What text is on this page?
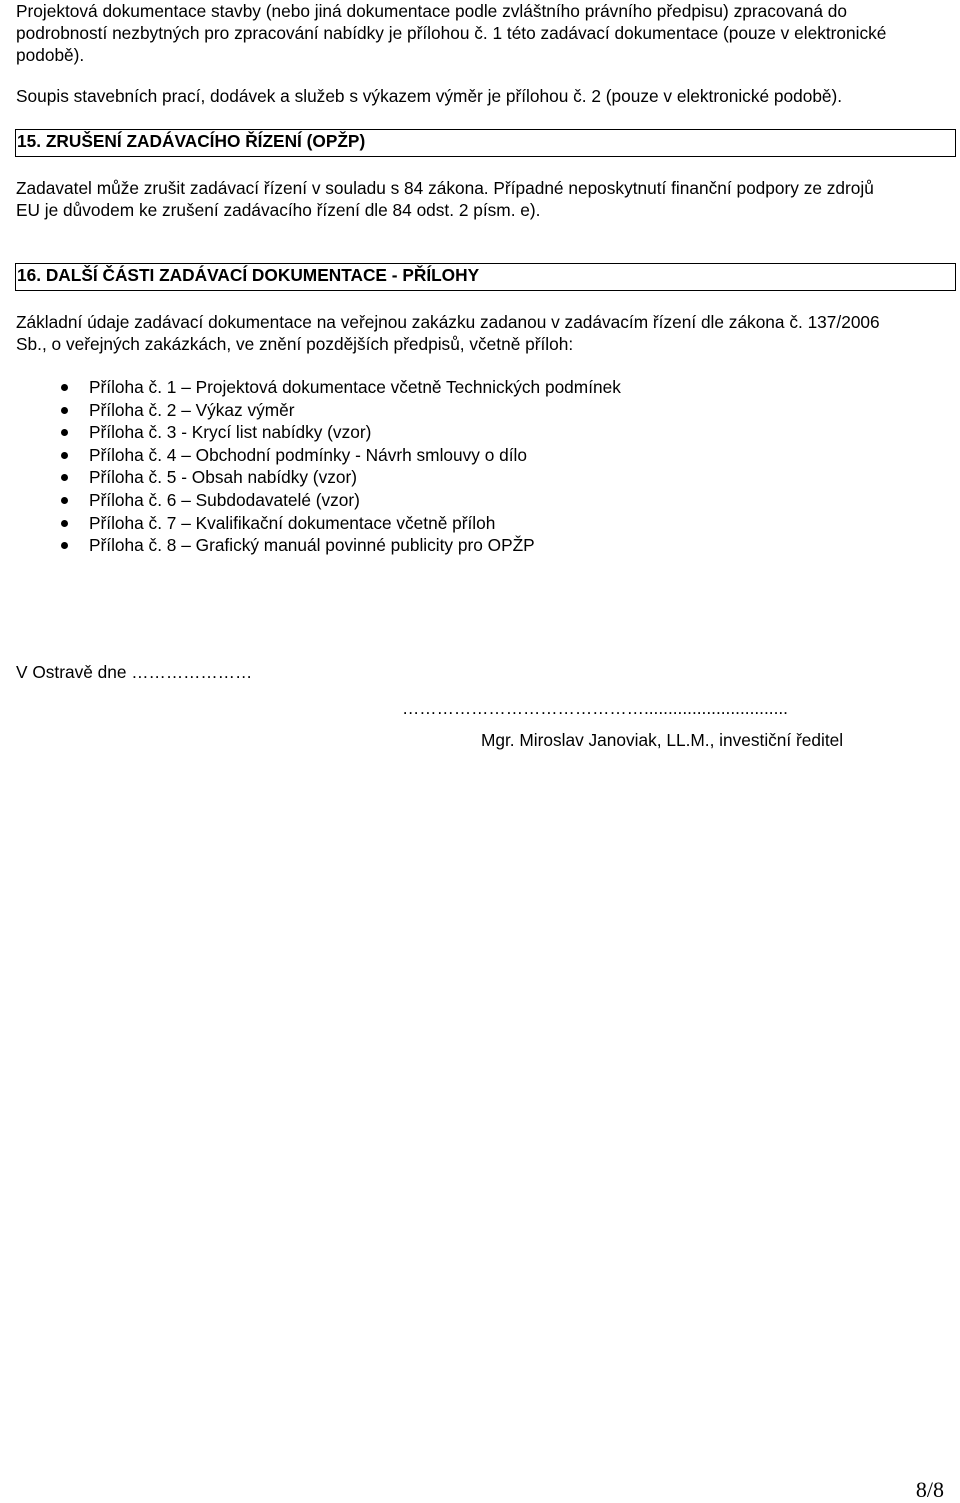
Projektová dokumentace stavby (nebo jiná dokumentace podle zvláštního právního předpisu) zpracovaná do
podrobností nezbytných pro zpracování nabídky je přílohou č. 1 této zadávací dokumentace (pouze v elektronické
podobě).
Soupis stavebních prací, dodávek a služeb s výkazem výměr je přílohou č. 2 (pouze v elektronické podobě).
15. ZRUŠENÍ ZADÁVACÍHO ŘÍZENÍ (OPŽP)
Zadavatel může zrušit zadávací řízení v souladu s 84 zákona. Případné neposkytnutí finanční podpory ze zdrojů
EU je důvodem ke zrušení zadávacího řízení dle 84 odst. 2 písm. e).
16. DALŠÍ ČÁSTI ZADÁVACÍ DOKUMENTACE - PŘÍLOHY
Základní údaje zadávací dokumentace na veřejnou zakázku zadanou v zadávacím řízení dle zákona č. 137/2006
Sb., o veřejných zakázkách, ve znění pozdějších předpisů, včetně příloh:
Příloha č. 1 – Projektová dokumentace včetně Technických podmínek
Příloha č. 2 – Výkaz výměr
Příloha č. 3 - Krycí list nabídky (vzor)
Příloha č. 4 – Obchodní podmínky - Návrh smlouvy o dílo
Příloha č. 5 - Obsah nabídky (vzor)
Příloha č. 6 – Subdodavatelé (vzor)
Příloha č. 7 – Kvalifikační dokumentace včetně příloh
Příloha č. 8 – Grafický manuál povinné publicity pro OPŽP
V Ostravě dne …………………
……………………………………..............................
Mgr. Miroslav Janoviak, LL.M., investiční ředitel
8/8
